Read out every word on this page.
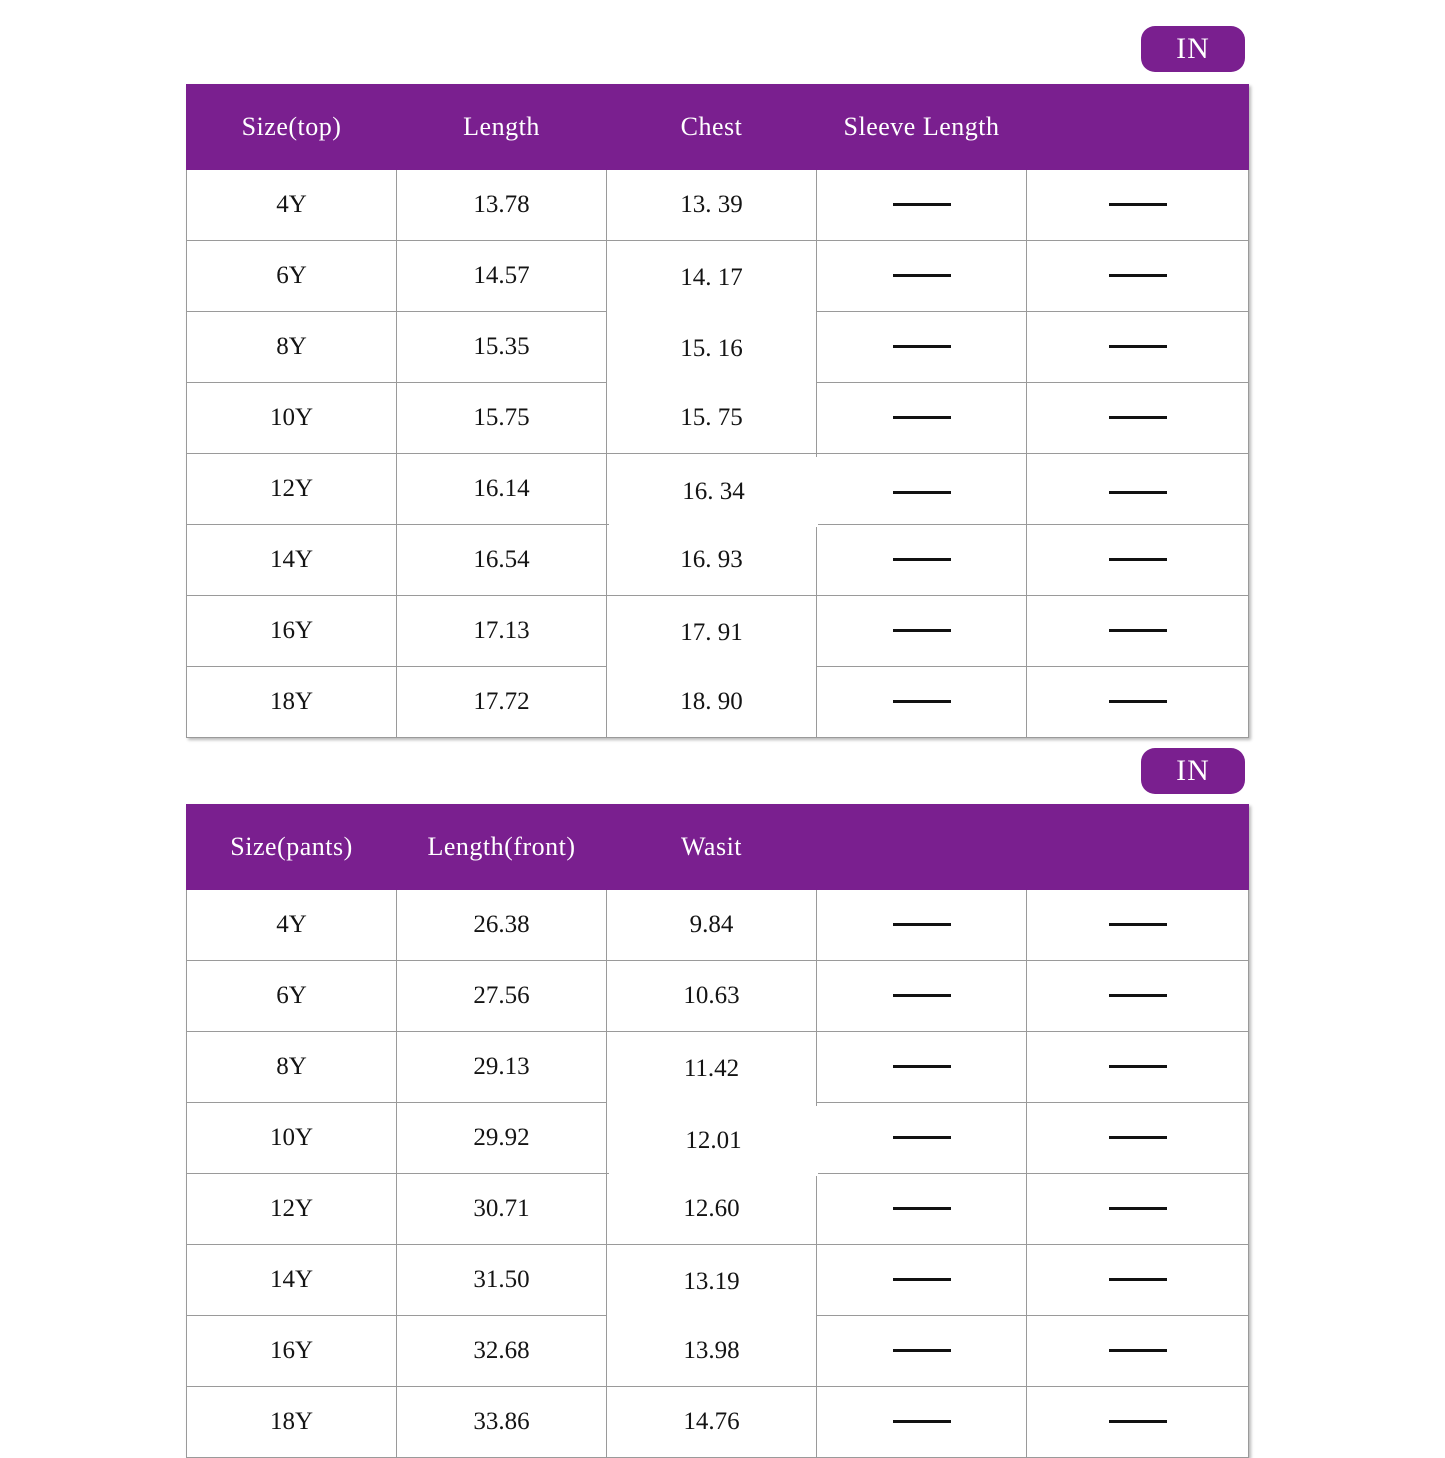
IN
Size(top)	Length	Chest	Sleeve Length	
4Y	13.78	13. 39		
6Y	14.57	14. 17		
8Y	15.35	15. 16		
10Y	15.75	15. 75		
12Y	16.14	16. 34		
14Y	16.54	16. 93		
16Y	17.13	17. 91		
18Y	17.72	18. 90		
IN
Size(pants)	Length(front)	Wasit		
4Y	26.38	9.84		
6Y	27.56	10.63		
8Y	29.13	11.42		
10Y	29.92	12.01		
12Y	30.71	12.60		
14Y	31.50	13.19		
16Y	32.68	13.98		
18Y	33.86	14.76		
